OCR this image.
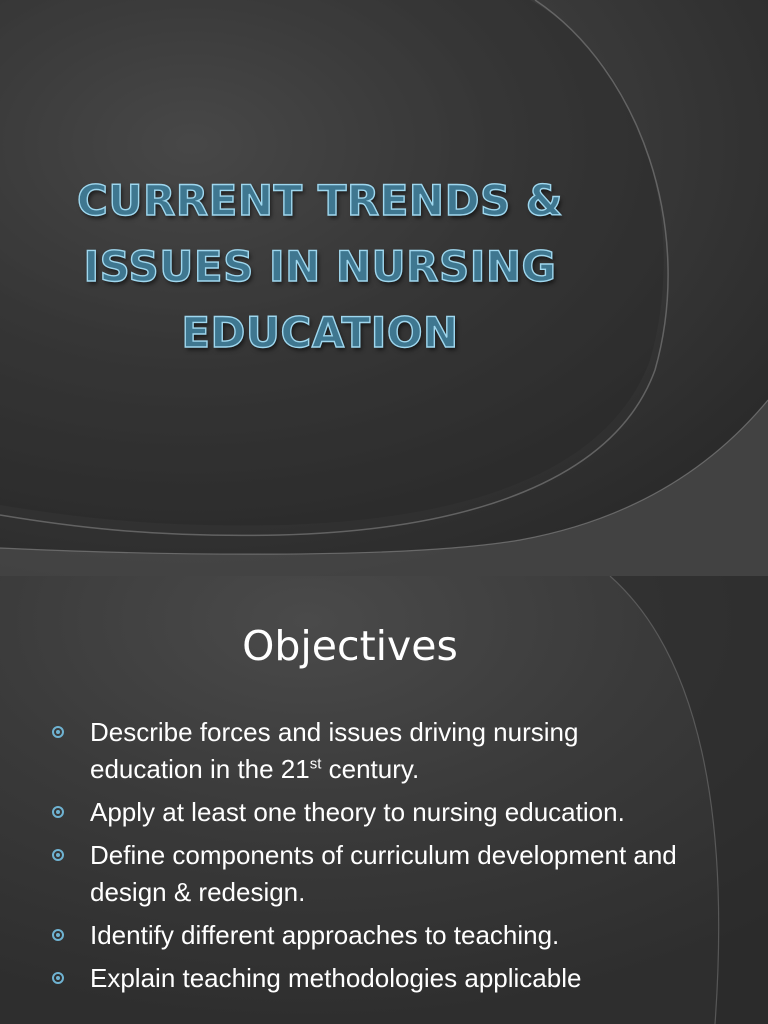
CURRENT TRENDS &
ISSUES IN NURSING
EDUCATION
Objectives
Describe forces and issues driving nursing education in the 21st century.
Apply at least one theory to nursing education.
Define components of curriculum development and design & redesign.
Identify different approaches to teaching.
Explain teaching methodologies applicable
